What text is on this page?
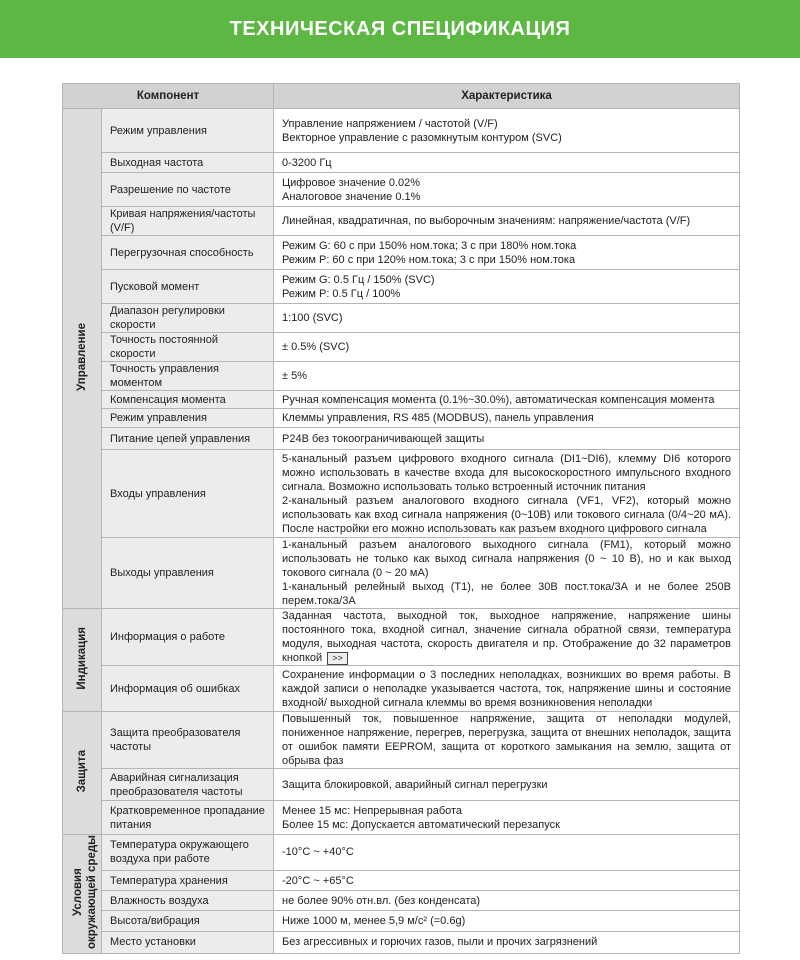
ТЕХНИЧЕСКАЯ СПЕЦИФИКАЦИЯ
Компонент		Характеристика
Управление	Режим управления	Управление напряжением / частотой (V/F)
Векторное управление с разомкнутым контуром (SVC)
	Выходная частота	0-3200 Гц
	Разрешение по частоте	Цифровое значение 0.02%
Аналоговое значение 0.1%
	Кривая напряжения/частоты (V/F)	Линейная, квадратичная, по выборочным значениям: напряжение/частота (V/F)
	Перегрузочная способность	Режим G: 60 с при 150% ном.тока; 3 с при 180% ном.тока
Режим P: 60 с при 120% ном.тока; 3 с при 150% ном.тока
	Пусковой момент	Режим G: 0.5 Гц / 150% (SVC)
Режим P: 0.5 Гц / 100%
	Диапазон регулировки скорости	1:100 (SVC)
	Точность постоянной скорости	± 0.5% (SVC)
	Точность управления моментом	± 5%
	Компенсация момента	Ручная компенсация момента (0.1%~30.0%), автоматическая компенсация момента
	Режим управления	Клеммы управления, RS 485 (MODBUS), панель управления
	Питание цепей управления	P24B без токоограничивающей защиты
	Входы управления	5-канальный разъем цифрового входного сигнала (DI1~DI6), клемму DI6 которого можно использовать в качестве входа для высокоскоростного импульсного входного сигнала. Возможно использовать только встроенный источник питания
2-канальный разъем аналогового входного сигнала (VF1, VF2), который можно использовать как вход сигнала напряжения (0~10В) или токового сигнала (0/4~20 мА). После настройки его можно использовать как разъем входного цифрового сигнала
	Выходы управления	1-канальный разъем аналогового выходного сигнала (FM1), который можно использовать не только как выход сигнала напряжения (0 ~ 10 В), но и как выход токового сигнала (0 ~ 20 мА)
1-канальный релейный выход (T1), не более 30В пост.тока/3А и не более 250В перем.тока/3А
Индикация	Информация о работе	Заданная частота, выходной ток, выходное напряжение, напряжение шины постоянного тока, входной сигнал, значение сигнала обратной связи, температура модуля, выходная частота, скорость двигателя и пр. Отображение до 32 параметров кнопкой >>
	Информация об ошибках	Сохранение информации о 3 последних неполадках, возникших во время работы. В каждой записи о неполадке указывается частота, ток, напряжение шины и состояние входной/ выходной сигнала клеммы во время возникновения неполадки
Защита	Защита преобразователя частоты	Повышенный ток, повышенное напряжение, защита от неполадки модулей, пониженное напряжение, перегрев, перегрузка, защита от внешних неполадок, защита от ошибок памяти EEPROM, защита от короткого замыкания на землю, защита от обрыва фаз
	Аварийная сигнализация преобразователя частоты	Защита блокировкой, аварийный сигнал перегрузки
	Кратковременное пропадание питания	Менее 15 мс: Непрерывная работа
Более 15 мс: Допускается автоматический перезапуск
Условия
окружающей среды	Температура окружающего воздуха при работе	-10°C ~ +40°C
	Температура хранения	-20°C ~ +65°C
	Влажность воздуха	не более 90% отн.вл. (без конденсата)
	Высота/вибрация	Ниже 1000 м, менее 5,9 м/с² (=0.6g)
	Место установки	Без агрессивных и горючих газов, пыли и прочих загрязнений
